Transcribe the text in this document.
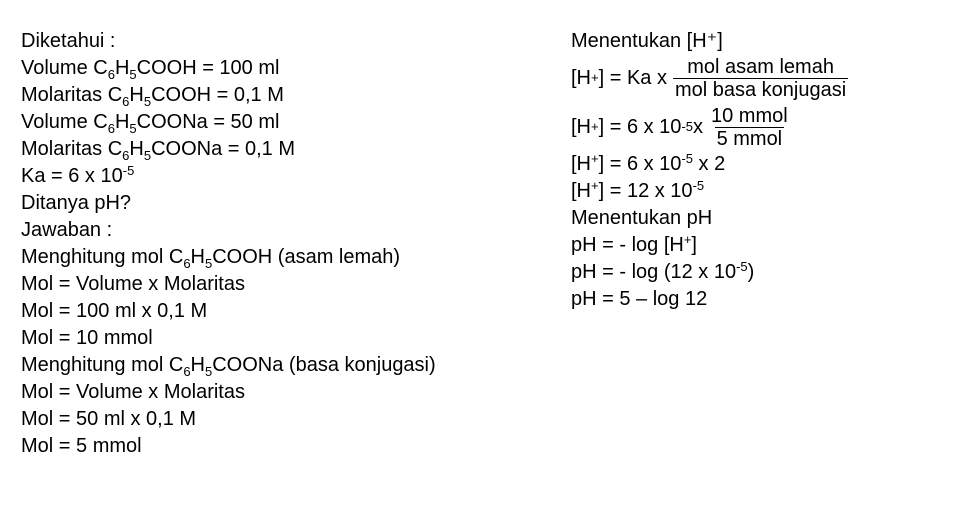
Diketahui :
Volume $C_6H_5COOH = 100$ ml
Molaritas $C_6H_5COOH = 0,1$ M
Volume $C_6H_5COONa = 50$ ml
Molaritas $C_6H_5COONa = 0,1$ M
Ka = 6 x $10^{-5}$
Ditanya pH?
Jawaban :
Menghitung mol $C_6H_5COOH$ (asam lemah)
Mol = Volume x Molaritas
Mol = 100 ml x 0,1 M
Mol = 10 mmol
Menghitung mol $C_6H_5COONa$ (basa konjugasi)
Mol = Volume x Molaritas
Mol = 50 ml x 0,1 M
Mol = 5 mmol
Menentukan [H⁺]
[H + ] = Ka x $\frac{\text{mol asam lemah}}{\text{mol basa konjugasi}}$
[H + ] = 6 x 10 -5 x $\frac{\text{10 mmol}}{\text{5 mmol}}$
[H+] = 6 x $10^{-5}$ x 2
[H+] = 12 x $10^{-5}$
Menentukan pH
pH = - log [H+]
pH = - log (12 x $10^{-5}$)
pH = 5 – log 12
